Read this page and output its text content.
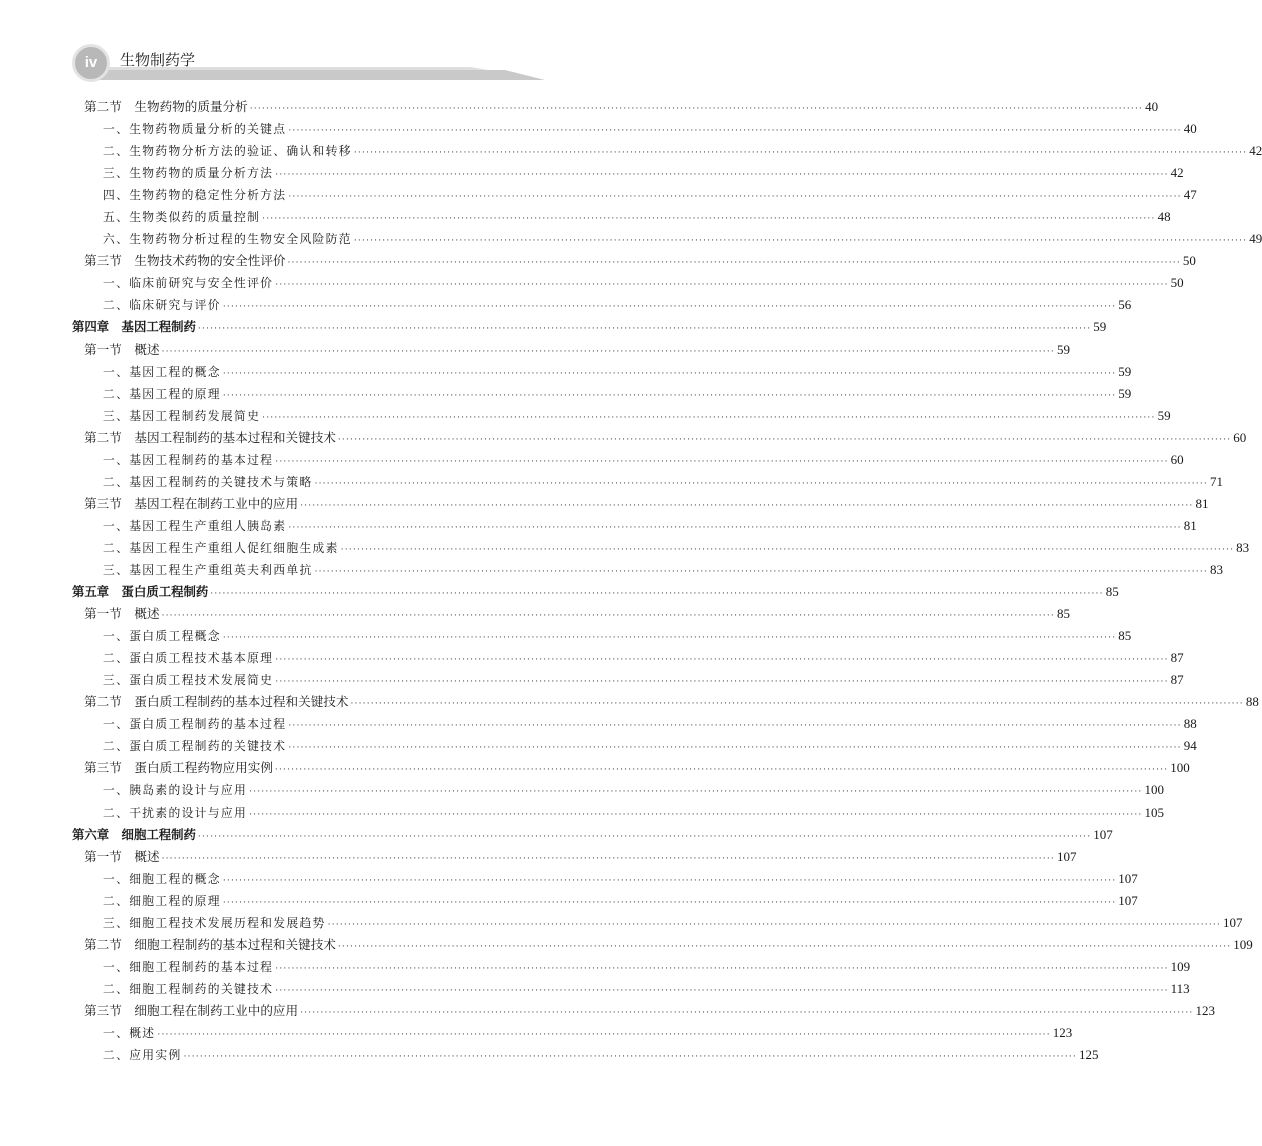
iv	生物制药学
第二节　生物药物的质量分析 ···························································································································································································································· 40
一、生物药物质量分析的关键点 ···························································································································································································································· 40
二、生物药物分析方法的验证、确认和转移 ···························································································································································································································· 42
三、生物药物的质量分析方法 ···························································································································································································································· 42
四、生物药物的稳定性分析方法 ···························································································································································································································· 47
五、生物类似药的质量控制 ···························································································································································································································· 48
六、生物药物分析过程的生物安全风险防范 ···························································································································································································································· 49
第三节　生物技术药物的安全性评价 ···························································································································································································································· 50
一、临床前研究与安全性评价 ···························································································································································································································· 50
二、临床研究与评价 ···························································································································································································································· 56
第四章　基因工程制药 ···························································································································································································································· 59
第一节　概述 ···························································································································································································································· 59
一、基因工程的概念 ···························································································································································································································· 59
二、基因工程的原理 ···························································································································································································································· 59
三、基因工程制药发展简史 ···························································································································································································································· 59
第二节　基因工程制药的基本过程和关键技术 ···························································································································································································································· 60
一、基因工程制药的基本过程 ···························································································································································································································· 60
二、基因工程制药的关键技术与策略 ···························································································································································································································· 71
第三节　基因工程在制药工业中的应用 ···························································································································································································································· 81
一、基因工程生产重组人胰岛素 ···························································································································································································································· 81
二、基因工程生产重组人促红细胞生成素 ···························································································································································································································· 83
三、基因工程生产重组英夫利西单抗 ···························································································································································································································· 83
第五章　蛋白质工程制药 ···························································································································································································································· 85
第一节　概述 ···························································································································································································································· 85
一、蛋白质工程概念 ···························································································································································································································· 85
二、蛋白质工程技术基本原理 ···························································································································································································································· 87
三、蛋白质工程技术发展简史 ···························································································································································································································· 87
第二节　蛋白质工程制药的基本过程和关键技术 ···························································································································································································································· 88
一、蛋白质工程制药的基本过程 ···························································································································································································································· 88
二、蛋白质工程制药的关键技术 ···························································································································································································································· 94
第三节　蛋白质工程药物应用实例 ···························································································································································································································· 100
一、胰岛素的设计与应用 ···························································································································································································································· 100
二、干扰素的设计与应用 ···························································································································································································································· 105
第六章　细胞工程制药 ···························································································································································································································· 107
第一节　概述 ···························································································································································································································· 107
一、细胞工程的概念 ···························································································································································································································· 107
二、细胞工程的原理 ···························································································································································································································· 107
三、细胞工程技术发展历程和发展趋势 ···························································································································································································································· 107
第二节　细胞工程制药的基本过程和关键技术 ···························································································································································································································· 109
一、细胞工程制药的基本过程 ···························································································································································································································· 109
二、细胞工程制药的关键技术 ···························································································································································································································· 113
第三节　细胞工程在制药工业中的应用 ···························································································································································································································· 123
一、概述 ···························································································································································································································· 123
二、应用实例 ···························································································································································································································· 125
